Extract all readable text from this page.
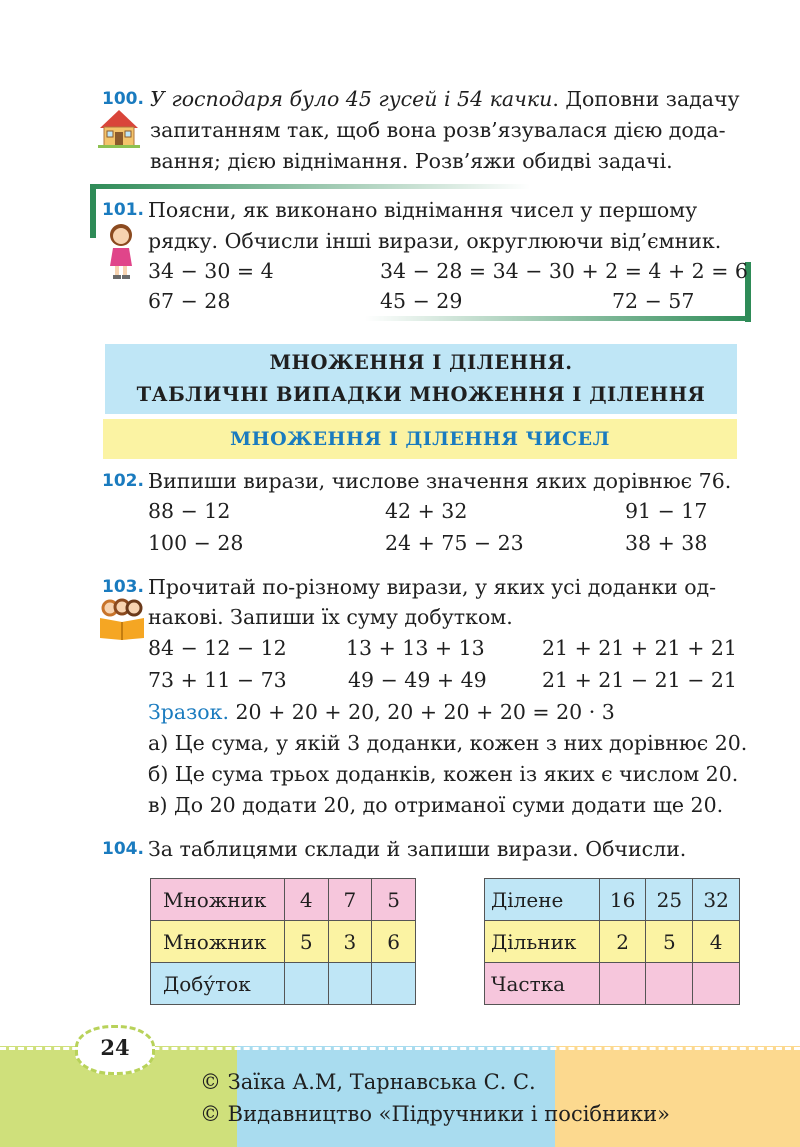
100. У господаря було 45 гусей і 54 качки. Доповни задачу
запитанням так, щоб вона розв’язувалася дією додa-
вання; дією віднімання. Розв’яжи обидві задачі.
101. Поясни, як виконано віднімання чисел у першому
рядку. Обчисли інші вирази, округлюючи від’ємник.
34 − 30 = 4	34 − 28 = 34 − 30 + 2 = 4 + 2 = 6
67 − 28	45 − 29	72 − 57
МНОЖЕННЯ І ДІЛЕННЯ.
ТАБЛИЧНІ ВИПАДКИ МНОЖЕННЯ І ДІЛЕННЯ
МНОЖЕННЯ І ДІЛЕННЯ ЧИСЕЛ
102. Випиши вирази, числове значення яких дорівнює 76.
88 − 12	42 + 32	91 − 17
100 − 28	24 + 75 − 23	38 + 38
103. Прочитай по-різному вирази, у яких усі доданки од-
накові. Запиши їх суму добутком.
84 − 12 − 12	13 + 13 + 13	21 + 21 + 21 + 21
73 + 11 − 73	49 − 49 + 49	21 + 21 − 21 − 21
Зразок. 20 + 20 + 20, 20 + 20 + 20 = 20 · 3
а) Це сума, у якій 3 доданки, кожен з них дорівнює 20.
б) Це сума трьох доданків, кожен із яких є числом 20.
в) До 20 додати 20, до отриманої суми додати ще 20.
104. За таблицями склади й запиши вирази. Обчисли.
Множник	4	7	5
Множник	5	3	6
Добу́ток			
Ділене	16	25	32
Дільник	2	5	4
Частка			
24
© Заїка А.М, Тарнавська С. С.
© Видавництво «Підручники і посібники»
